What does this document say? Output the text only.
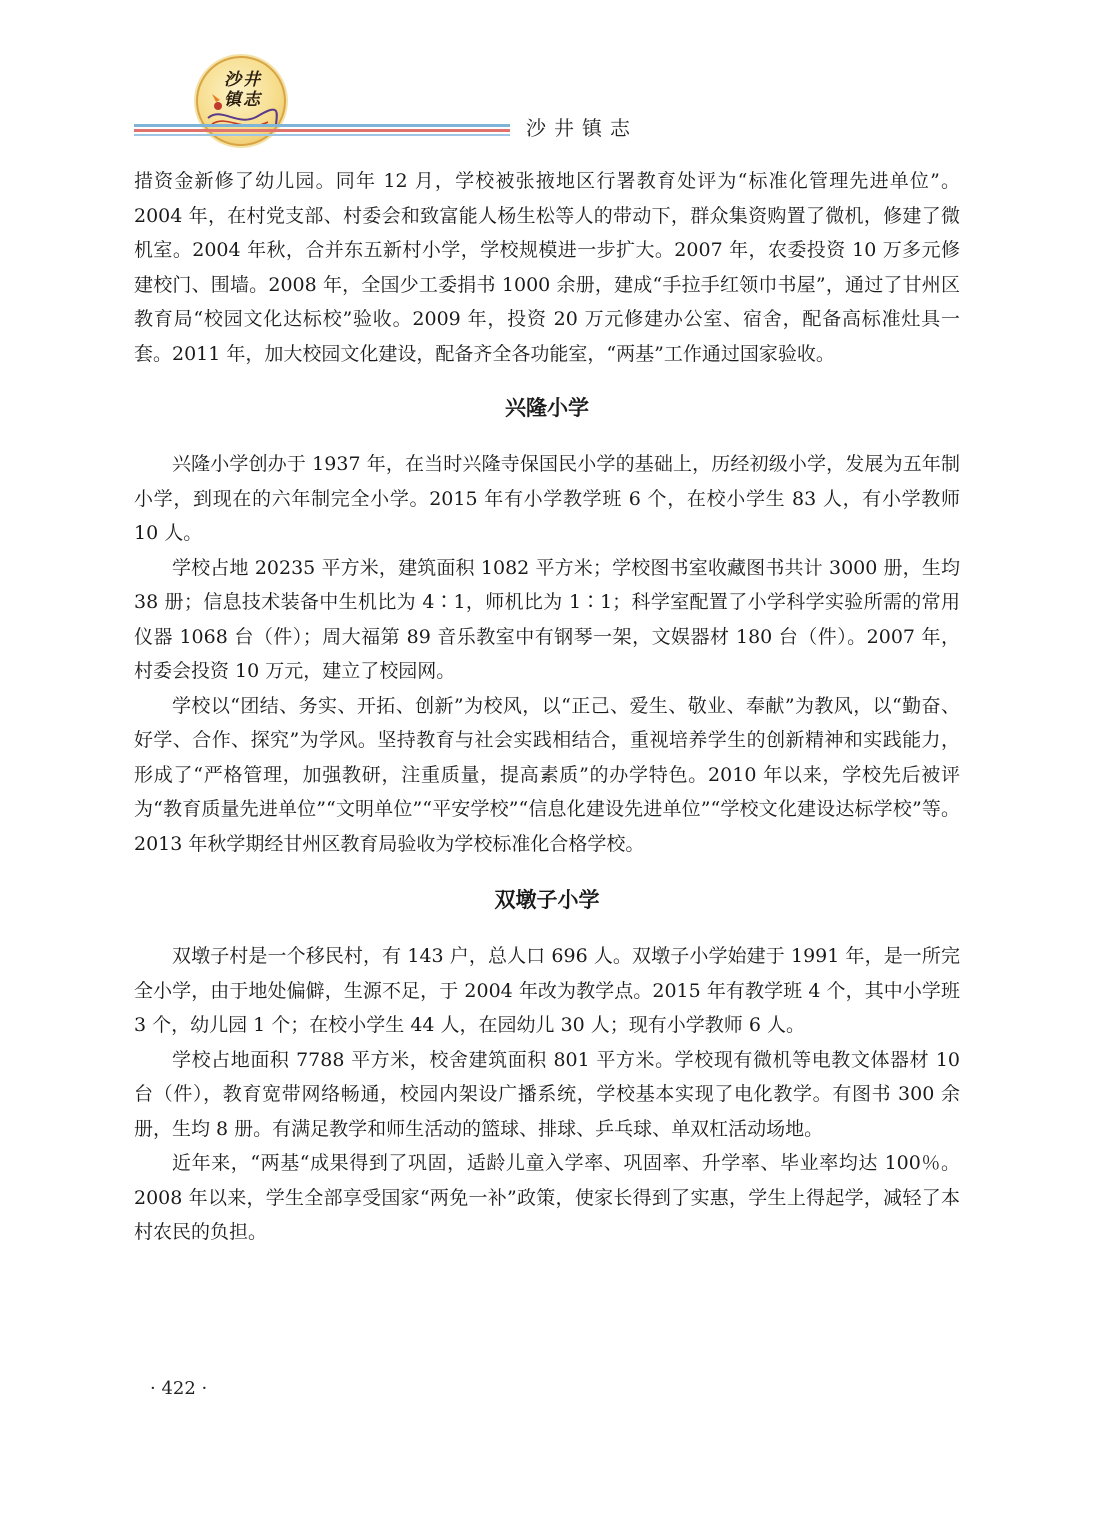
沙井镇志
沙井镇志

措资金新修了幼儿园。同年 12 月，学校被张掖地区行署教育处评为“标准化管理先进单位”。2004 年，在村党支部、村委会和致富能人杨生松等人的带动下，群众集资购置了微机，修建了微机室。2004 年秋，合并东五新村小学，学校规模进一步扩大。2007 年，农委投资 10 万多元修建校门、围墙。2008 年，全国少工委捐书 1000 余册，建成“手拉手红领巾书屋”，通过了甘州区教育局“校园文化达标校”验收。2009 年，投资 20 万元修建办公室、宿舍，配备高标准灶具一套。2011 年，加大校园文化建设，配备齐全各功能室，“两基”工作通过国家验收。

兴隆小学

兴隆小学创办于 1937 年，在当时兴隆寺保国民小学的基础上，历经初级小学，发展为五年制小学，到现在的六年制完全小学。2015 年有小学教学班 6 个，在校小学生 83 人，有小学教师 10 人。

学校占地 20235 平方米，建筑面积 1082 平方米；学校图书室收藏图书共计 3000 册，生均 38 册；信息技术装备中生机比为 4∶1，师机比为 1∶1；科学室配置了小学科学实验所需的常用仪器 1068 台（件）；周大福第 89 音乐教室中有钢琴一架，文娱器材 180 台（件）。2007 年，村委会投资 10 万元，建立了校园网。

学校以“团结、务实、开拓、创新”为校风，以“正己、爱生、敬业、奉献”为教风，以“勤奋、好学、合作、探究”为学风。坚持教育与社会实践相结合，重视培养学生的创新精神和实践能力，形成了“严格管理，加强教研，注重质量，提高素质”的办学特色。2010 年以来，学校先后被评为“教育质量先进单位”“文明单位”“平安学校”“信息化建设先进单位”“学校文化建设达标学校”等。2013 年秋学期经甘州区教育局验收为学校标准化合格学校。

双墩子小学

双墩子村是一个移民村，有 143 户，总人口 696 人。双墩子小学始建于 1991 年，是一所完全小学，由于地处偏僻，生源不足，于 2004 年改为教学点。2015 年有教学班 4 个，其中小学班 3 个，幼儿园 1 个；在校小学生 44 人，在园幼儿 30 人；现有小学教师 6 人。

学校占地面积 7788 平方米，校舍建筑面积 801 平方米。学校现有微机等电教文体器材 10 台（件），教育宽带网络畅通，校园内架设广播系统，学校基本实现了电化教学。有图书 300 余册，生均 8 册。有满足教学和师生活动的篮球、排球、乒乓球、单双杠活动场地。

近年来，“两基“成果得到了巩固，适龄儿童入学率、巩固率、升学率、毕业率均达 100％。2008 年以来，学生全部享受国家“两免一补”政策，使家长得到了实惠，学生上得起学，减轻了本村农民的负担。

· 422 ·
